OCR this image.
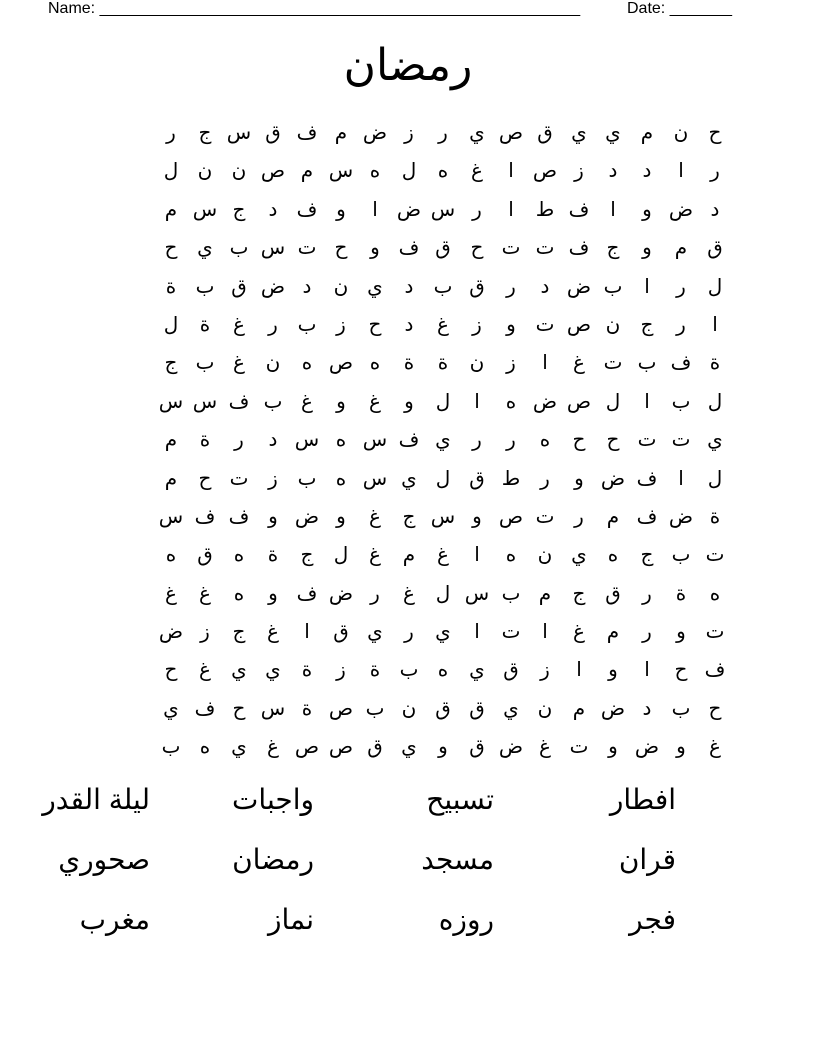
Name: ______________________________________________________	Date: _______
رمضان
ح
ن
م
ي
ي
ق
ص
ي
ر
ز
ض
م
ف
ق
س
ج
ر
ر
ا
د
د
ز
ص
ا
غ
ه
ل
ه
س
م
ص
ن
ن
ل
د
ض
و
ا
ف
ط
ا
ر
س
ض
ا
و
ف
د
ج
س
م
ق
م
و
ج
ف
ت
ت
ح
ق
ف
و
ح
ت
س
ب
ي
ح
ل
ر
ا
ب
ض
د
ر
ق
ب
د
ي
ن
د
ض
ق
ب
ة
ا
ر
ج
ن
ص
ت
و
ز
غ
د
ح
ز
ب
ر
غ
ة
ل
ة
ف
ب
ت
غ
ا
ز
ن
ة
ة
ه
ص
ه
ن
غ
ب
ج
ل
ب
ا
ل
ص
ض
ه
ا
ل
و
غ
و
غ
ب
ف
س
س
ي
ت
ت
ح
ح
ه
ر
ر
ي
ف
س
ه
س
د
ر
ة
م
ل
ا
ف
ض
و
ر
ط
ق
ل
ي
س
ه
ب
ز
ت
ح
م
ة
ض
ف
م
ر
ت
ص
و
س
ج
غ
و
ض
و
ف
ف
س
ت
ب
ج
ه
ي
ن
ه
ا
غ
م
غ
ل
ج
ة
ه
ق
ه
ه
ة
ر
ق
ج
م
ب
س
ل
غ
ر
ض
ف
و
ه
غ
غ
ت
و
ر
م
غ
ا
ت
ا
ي
ر
ي
ق
ا
غ
ج
ز
ض
ف
ح
ا
و
ا
ز
ق
ي
ه
ب
ة
ز
ة
ي
ي
غ
ح
ح
ب
د
ض
م
ن
ي
ق
ق
ن
ب
ص
ة
س
ح
ف
ي
غ
و
ض
و
ت
غ
ض
ق
و
ي
ق
ص
ص
غ
ي
ه
ب
افطار
تسبيح
واجبات
ليلة القدر
قران
مسجد
رمضان
صحوري
فجر
روزه
نماز
مغرب
